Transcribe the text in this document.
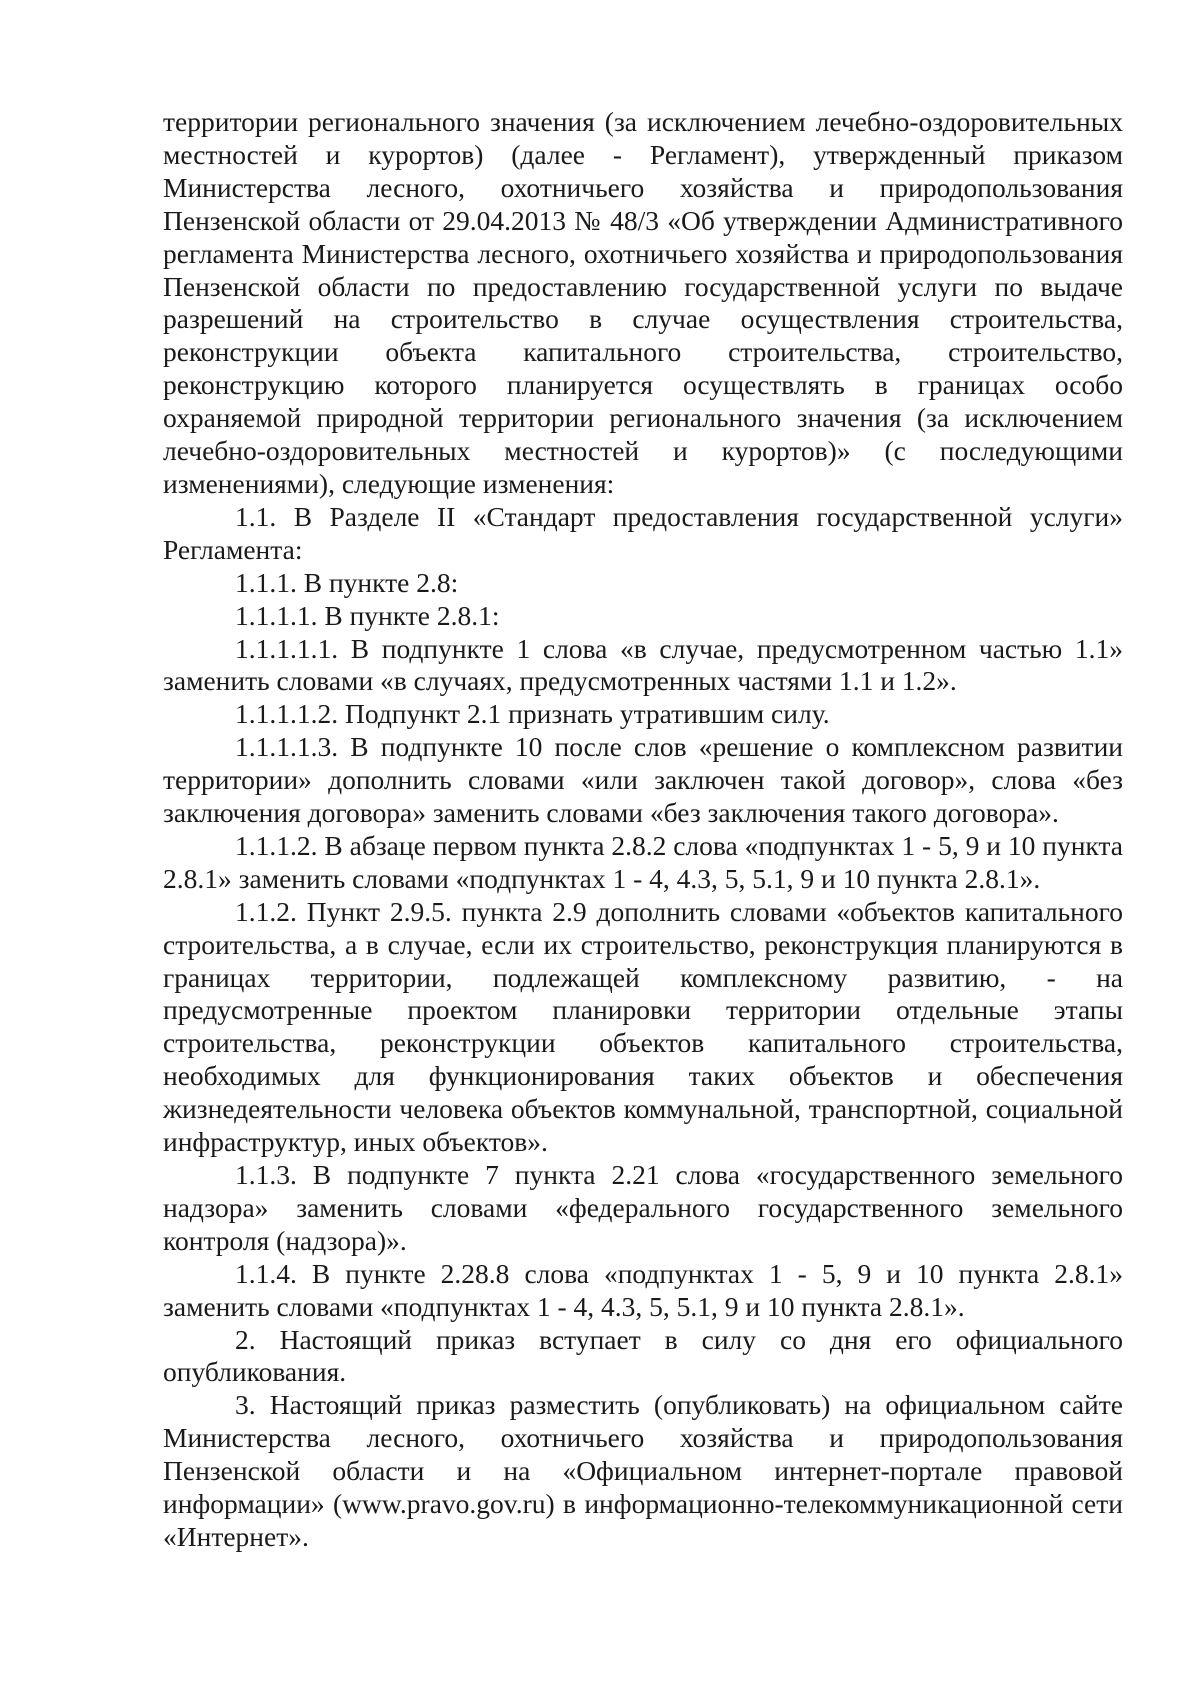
территории регионального значения (за исключением лечебно-оздоровительных местностей и курортов) (далее - Регламент), утвержденный приказом Министерства лесного, охотничьего хозяйства и природопользования Пензенской области от 29.04.2013 № 48/3 «Об утверждении Административного регламента Министерства лесного, охотничьего хозяйства и природопользования Пензенской области по предоставлению государственной услуги по выдаче разрешений на строительство в случае осуществления строительства, реконструкции объекта капитального строительства, строительство, реконструкцию которого планируется осуществлять в границах особо охраняемой природной территории регионального значения (за исключением лечебно-оздоровительных местностей и курортов)» (с последующими изменениями), следующие изменения:

1.1. В Разделе II «Стандарт предоставления государственной услуги» Регламента:

1.1.1. В пункте 2.8:

1.1.1.1. В пункте 2.8.1:

1.1.1.1.1. В подпункте 1 слова «в случае, предусмотренном частью 1.1» заменить словами «в случаях, предусмотренных частями 1.1 и 1.2».

1.1.1.1.2. Подпункт 2.1 признать утратившим силу.

1.1.1.1.3. В подпункте 10 после слов «решение о комплексном развитии территории» дополнить словами «или заключен такой договор», слова «без заключения договора» заменить словами «без заключения такого договора».

1.1.1.2. В абзаце первом пункта 2.8.2 слова «подпунктах 1 - 5, 9 и 10 пункта 2.8.1» заменить словами «подпунктах 1 - 4, 4.3, 5, 5.1, 9 и 10 пункта 2.8.1».

1.1.2. Пункт 2.9.5. пункта 2.9 дополнить словами «объектов капитального строительства, а в случае, если их строительство, реконструкция планируются в границах территории, подлежащей комплексному развитию, - на предусмотренные проектом планировки территории отдельные этапы строительства, реконструкции объектов капитального строительства, необходимых для функционирования таких объектов и обеспечения жизнедеятельности человека объектов коммунальной, транспортной, социальной инфраструктур, иных объектов».

1.1.3. В подпункте 7 пункта 2.21 слова «государственного земельного надзора» заменить словами «федерального государственного земельного контроля (надзора)».

1.1.4. В пункте 2.28.8 слова «подпунктах 1 - 5, 9 и 10 пункта 2.8.1» заменить словами «подпунктах 1 - 4, 4.3, 5, 5.1, 9 и 10 пункта 2.8.1».

2. Настоящий приказ вступает в силу со дня его официального опубликования.

3. Настоящий приказ разместить (опубликовать) на официальном сайте Министерства лесного, охотничьего хозяйства и природопользования Пензенской области и на «Официальном интернет-портале правовой информации» (www.pravo.gov.ru) в информационно-телекоммуникационной сети «Интернет».
